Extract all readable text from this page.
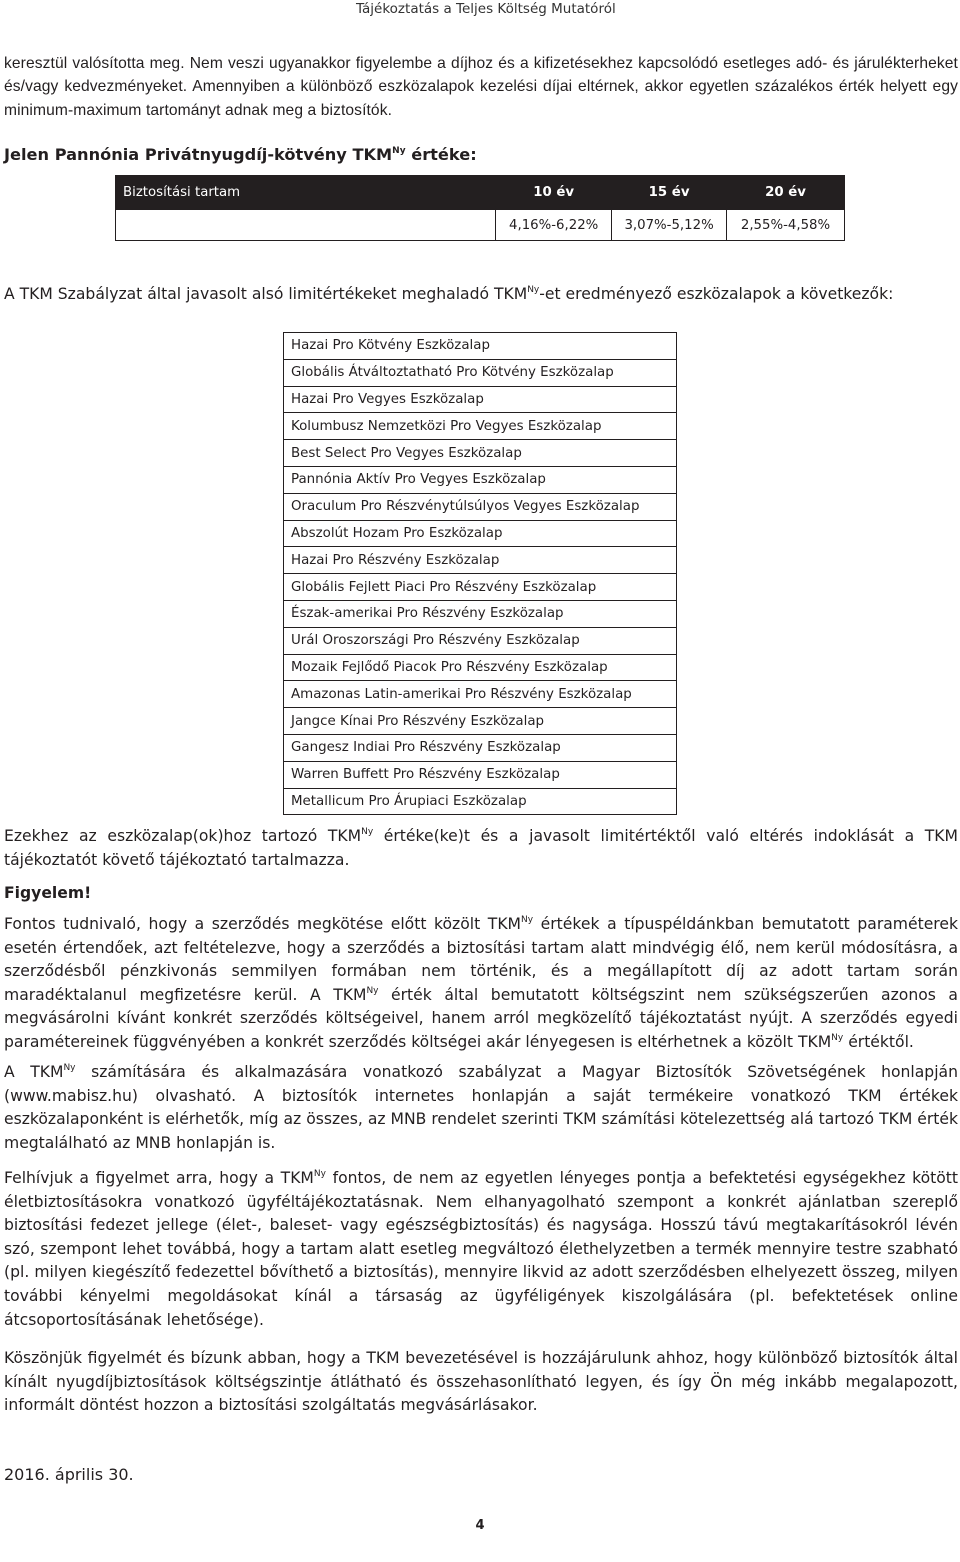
Tájékoztatás a Teljes Költség Mutatóról

keresztül valósította meg. Nem veszi ugyanakkor figyelembe a díjhoz és a kifizetésekhez kapcsolódó esetleges adó- és járulékterheket és/vagy kedvezményeket. Amennyiben a különböző eszközalapok kezelési díjai eltérnek, akkor egyetlen százalékos érték helyett egy minimum-maximum tartományt adnak meg a biztosítók.

Jelen Pannónia Privátnyugdíj-kötvény $TKM^{Ny}$ értéke:

Biztosítási tartam	10 év	15 év	20 év
	4,16%-6,22%	3,07%-5,12%	2,55%-4,58%

A TKM Szabályzat által javasolt alsó limitértékeket meghaladó $TKM^{Ny}-et$ eredményező eszközalapok a következők:

Hazai Pro Kötvény Eszközalap
Globális Átváltoztatható Pro Kötvény Eszközalap
Hazai Pro Vegyes Eszközalap
Kolumbusz Nemzetközi Pro Vegyes Eszközalap
Best Select Pro Vegyes Eszközalap
Pannónia Aktív Pro Vegyes Eszközalap
Oraculum Pro Részvénytúlsúlyos Vegyes Eszközalap
Abszolút Hozam Pro Eszközalap
Hazai Pro Részvény Eszközalap
Globális Fejlett Piaci Pro Részvény Eszközalap
Észak-amerikai Pro Részvény Eszközalap
Urál Oroszországi Pro Részvény Eszközalap
Mozaik Fejlődő Piacok Pro Részvény Eszközalap
Amazonas Latin-amerikai Pro Részvény Eszközalap
Jangce Kínai Pro Részvény Eszközalap
Gangesz Indiai Pro Részvény Eszközalap
Warren Buffett Pro Részvény Eszközalap
Metallicum Pro Árupiaci Eszközalap

Ezekhez az eszközalap(ok)hoz tartozó $TKM^{Ny}$ értéke(ke)t és a javasolt limitértéktől való eltérés indoklását a TKM tájékoztatót követő tájékoztató tartalmazza.

Figyelem!

Fontos tudnivaló, hogy a szerződés megkötése előtt közölt $TKM^{Ny}$ értékek a típuspéldánkban bemutatott paraméterek esetén értendőek, azt feltételezve, hogy a szerződés a biztosítási tartam alatt mindvégig élő, nem kerül módosításra, a szerződésből pénzkivonás semmilyen formában nem történik, és a megállapított díj az adott tartam során maradéktalanul megfizetésre kerül. A $TKM^{Ny}$ érték által bemutatott költségszint nem szükségszerűen azonos a megvásárolni kívánt konkrét szerződés költségeivel, hanem arról megközelítő tájékoztatást nyújt. A szerződés egyedi paramétereinek függvényében a konkrét szerződés költségei akár lényegesen is eltérhetnek a közölt $TKM^{Ny}$ értéktől.

A $TKM^{Ny}$ számítására és alkalmazására vonatkozó szabályzat a Magyar Biztosítók Szövetségének honlapján (www.mabisz.hu) olvasható. A biztosítók internetes honlapján a saját termékeire vonatkozó TKM értékek eszközalaponként is elérhetők, míg az összes, az MNB rendelet szerinti TKM számítási kötelezettség alá tartozó TKM érték megtalálható az MNB honlapján is.

Felhívjuk a figyelmet arra, hogy a $TKM^{Ny}$ fontos, de nem az egyetlen lényeges pontja a befektetési egységekhez kötött életbiztosításokra vonatkozó ügyféltájékoztatásnak. Nem elhanyagolható szempont a konkrét ajánlatban szereplő biztosítási fedezet jellege (élet-, baleset- vagy egészségbiztosítás) és nagysága. Hosszú távú megtakarításokról lévén szó, szempont lehet továbbá, hogy a tartam alatt esetleg megváltozó élethelyzetben a termék mennyire testre szabható (pl. milyen kiegészítő fedezettel bővíthető a biztosítás), mennyire likvid az adott szerződésben elhelyezett összeg, milyen további kényelmi megoldásokat kínál a társaság az ügyféligények kiszolgálására (pl. befektetések online átcsoportosításának lehetősége).

Köszönjük figyelmét és bízunk abban, hogy a TKM bevezetésével is hozzájárulunk ahhoz, hogy különböző biztosítók által kínált nyugdíjbiztosítások költségszintje átlátható és összehasonlítható legyen, és így Ön még inkább megalapozott, informált döntést hozzon a biztosítási szolgáltatás megvásárlásakor.

2016. április 30.

4
